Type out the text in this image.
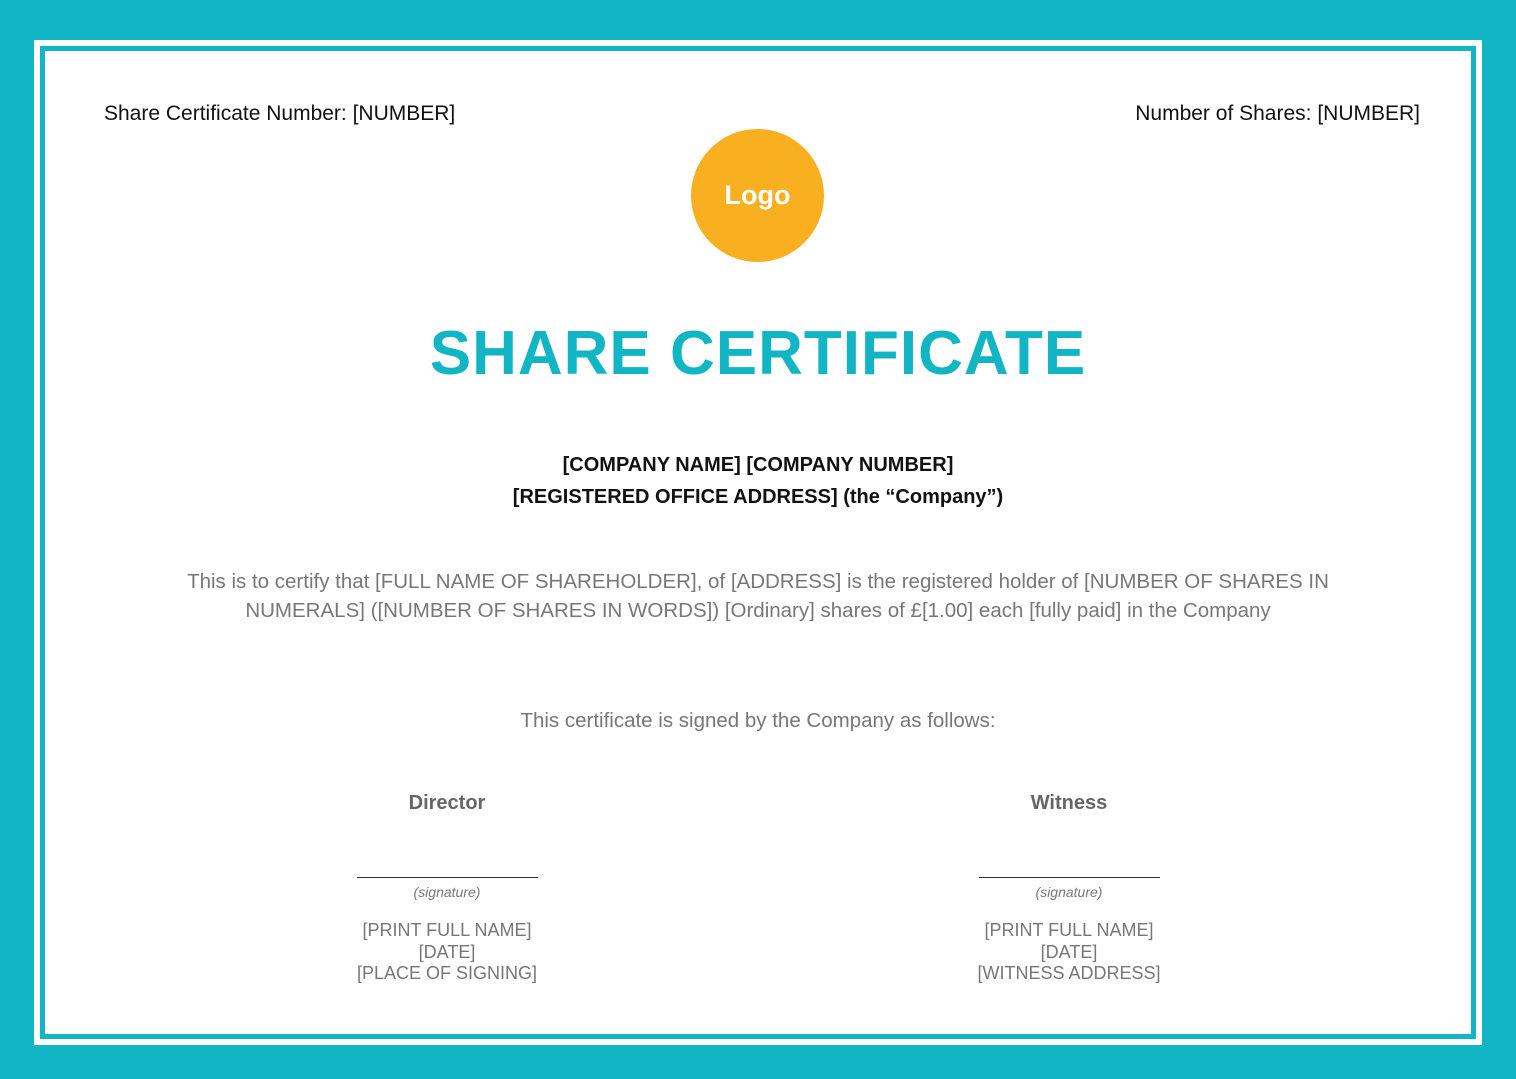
Share Certificate Number: [NUMBER]	Number of Shares: [NUMBER]
Logo
SHARE CERTIFICATE
[COMPANY NAME] [COMPANY NUMBER]
[REGISTERED OFFICE ADDRESS] (the “Company”)
This is to certify that [FULL NAME OF SHAREHOLDER], of [ADDRESS] is the registered holder of [NUMBER OF SHARES IN
NUMERALS] ([NUMBER OF SHARES IN WORDS]) [Ordinary] shares of £[1.00] each [fully paid] in the Company
This certificate is signed by the Company as follows:
Director
(signature)
[PRINT FULL NAME]
[DATE]
[PLACE OF SIGNING]
Witness
(signature)
[PRINT FULL NAME]
[DATE]
[WITNESS ADDRESS]
